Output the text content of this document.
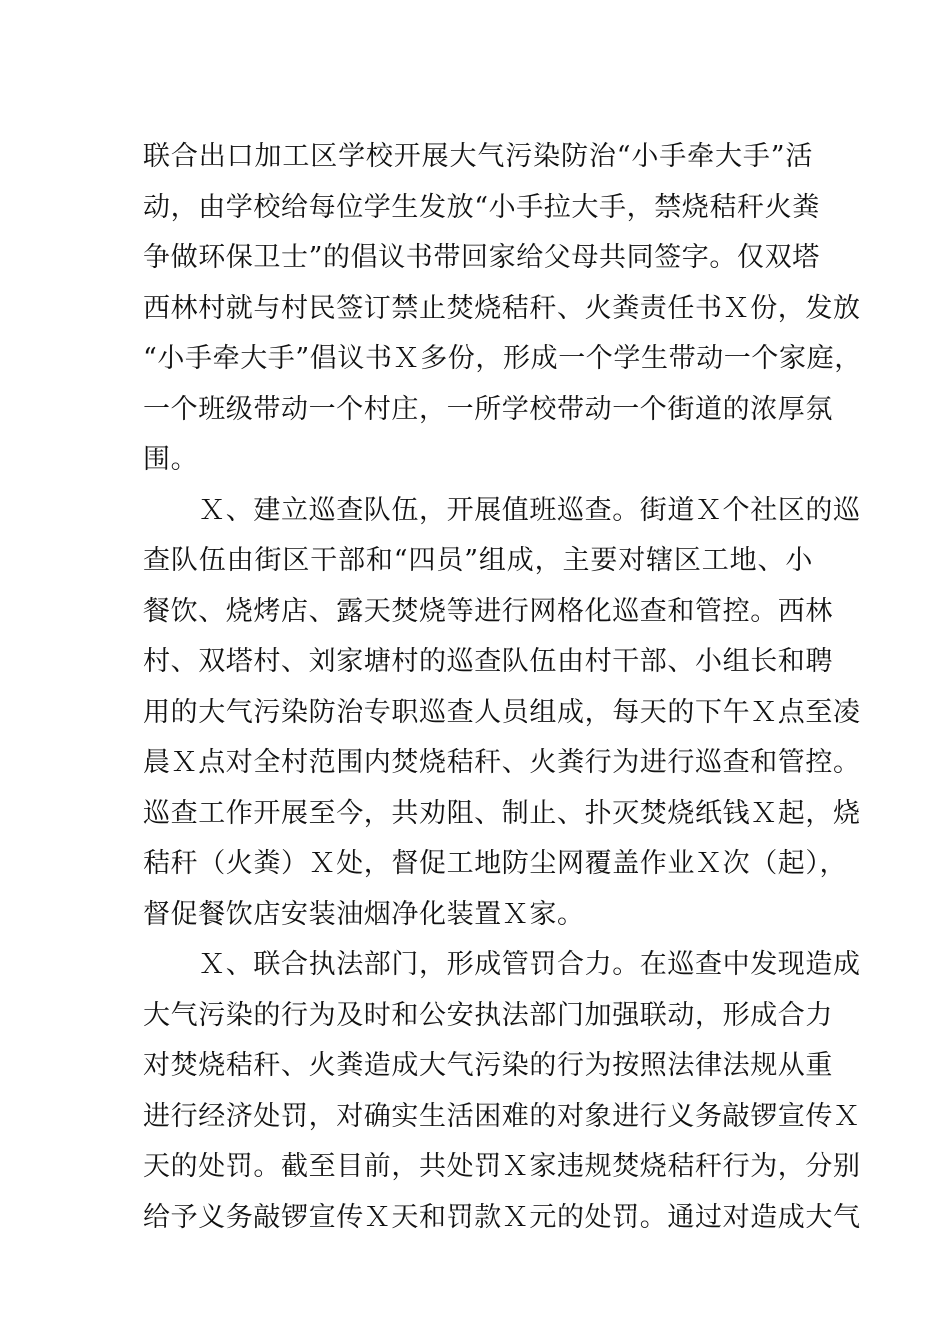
联合出口加工区学校开展大气污染防治“小手牵大手”活
动，由学校给每位学生发放“小手拉大手，禁烧秸秆火粪
争做环保卫士”的倡议书带回家给父母共同签字。仅双塔
西林村就与村民签订禁止焚烧秸秆、火粪责任书Ｘ份，发放
“小手牵大手”倡议书Ｘ多份，形成一个学生带动一个家庭，
一个班级带动一个村庄，一所学校带动一个街道的浓厚氛
围。
　　Ｘ、建立巡查队伍，开展值班巡查。街道Ｘ个社区的巡
查队伍由街区干部和“四员”组成，主要对辖区工地、小
餐饮、烧烤店、露天焚烧等进行网格化巡查和管控。西林
村、双塔村、刘家塘村的巡查队伍由村干部、小组长和聘
用的大气污染防治专职巡查人员组成，每天的下午Ｘ点至凌
晨Ｘ点对全村范围内焚烧秸秆、火粪行为进行巡查和管控。
巡查工作开展至今，共劝阻、制止、扑灭焚烧纸钱Ｘ起，烧
秸秆（火粪）Ｘ处，督促工地防尘网覆盖作业Ｘ次（起），
督促餐饮店安装油烟净化装置Ｘ家。
　　Ｘ、联合执法部门，形成管罚合力。在巡查中发现造成
大气污染的行为及时和公安执法部门加强联动，形成合力
对焚烧秸秆、火粪造成大气污染的行为按照法律法规从重
进行经济处罚，对确实生活困难的对象进行义务敲锣宣传Ｘ
天的处罚。截至目前，共处罚Ｘ家违规焚烧秸秆行为，分别
给予义务敲锣宣传Ｘ天和罚款Ｘ元的处罚。通过对造成大气
